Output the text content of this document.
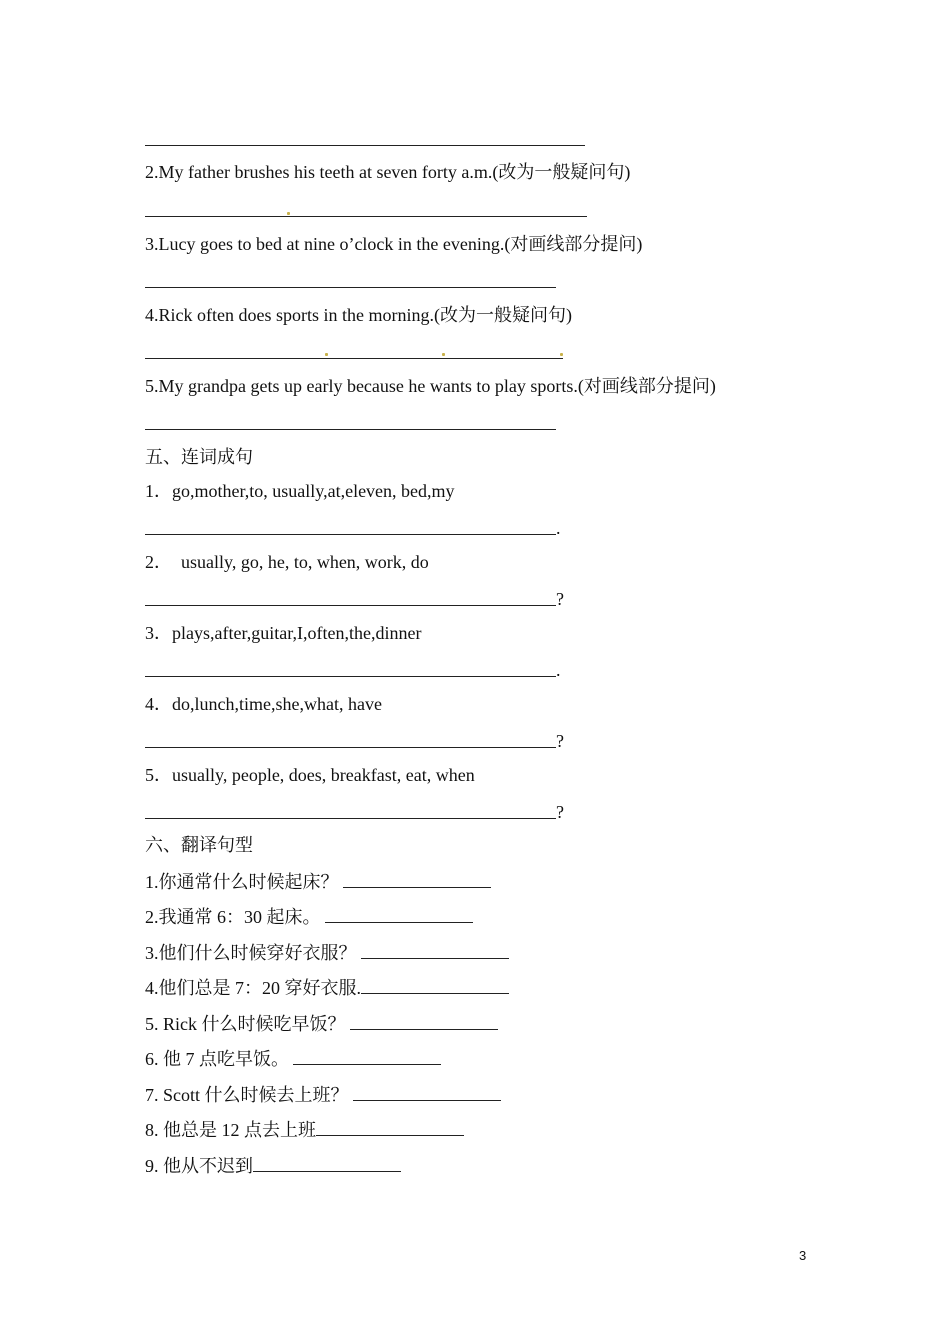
2.My father brushes his teeth at seven forty a.m.(改为一般疑问句)
3.Lucy goes to bed at nine o’clock in the evening.(对画线部分提问)
4.Rick often does sports in the morning.(改为一般疑问句)
5.My grandpa gets up early because he wants to play sports.(对画线部分提问)
五、连词成句
1．go,mother,to, usually,at,eleven, bed,my
.
2．  usually, go, he, to, when, work, do
?
3．plays,after,guitar,I,often,the,dinner
.
4．do,lunch,time,she,what, have
?
5．usually, people, does, breakfast, eat, when
?
六、翻译句型
1.你通常什么时候起床？
2.我通常 6：30 起床。
3.他们什么时候穿好衣服？
4.他们总是 7：20 穿好衣服.
5. Rick 什么时候吃早饭？
6. 他 7 点吃早饭。
7. Scott 什么时候去上班？
8. 他总是 12 点去上班
9. 他从不迟到
3
